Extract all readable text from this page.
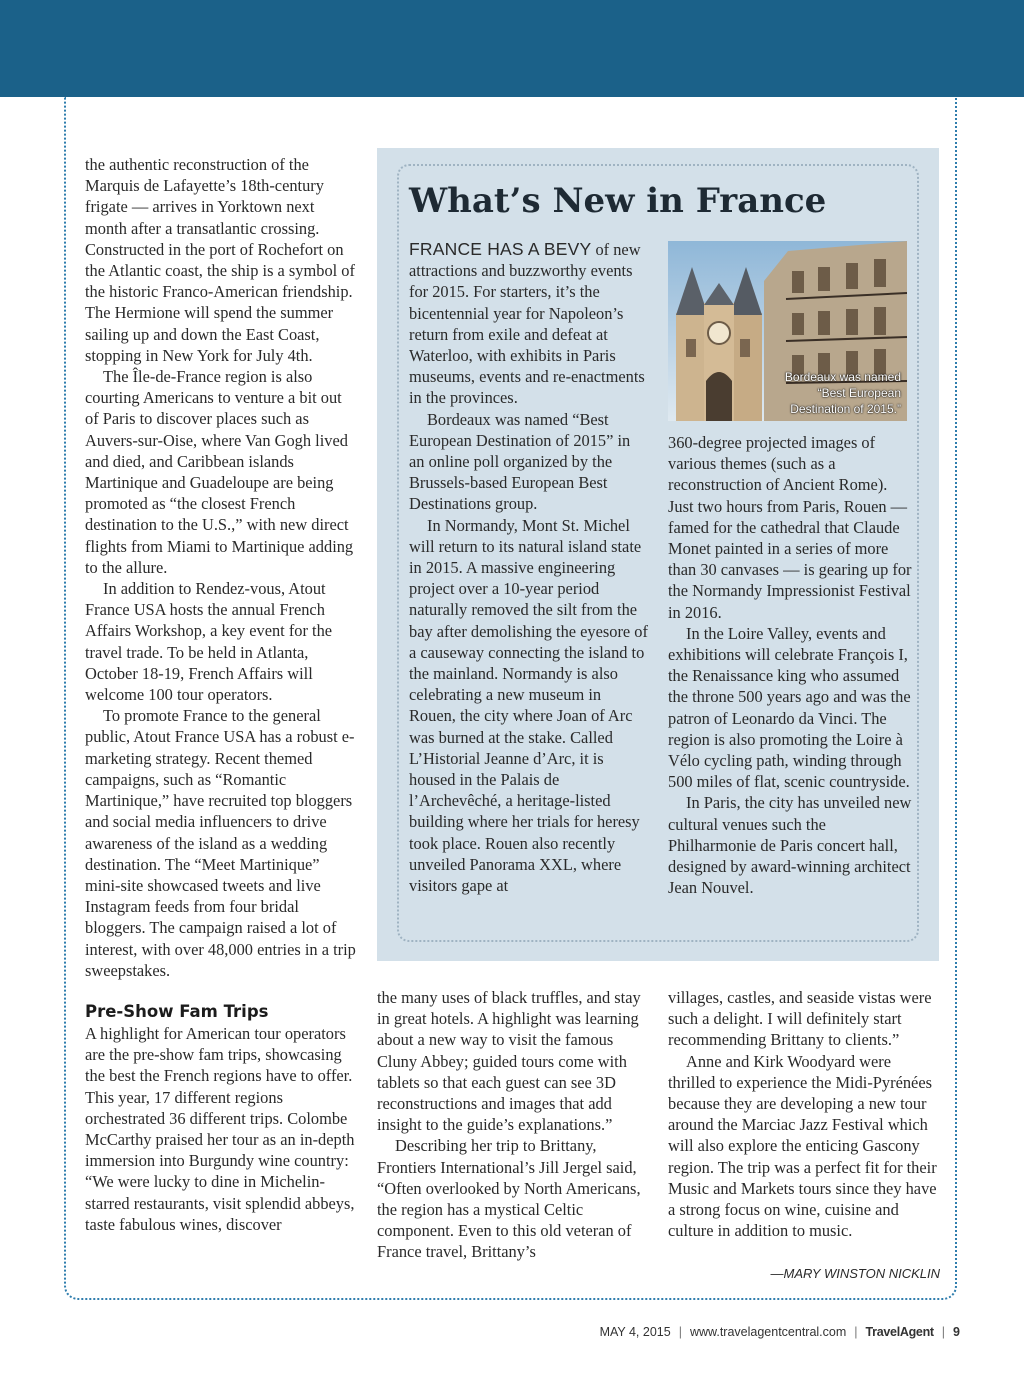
the authentic reconstruction of the Marquis de Lafayette’s 18th-century frigate — arrives in Yorktown next month after a transatlantic crossing. Constructed in the port of Rochefort on the Atlantic coast, the ship is a symbol of the historic Franco-American friendship. The Hermione will spend the summer sailing up and down the East Coast, stopping in New York for July 4th.

The Île-de-France region is also courting Americans to venture a bit out of Paris to discover places such as Auvers-sur-Oise, where Van Gogh lived and died, and Caribbean islands Martinique and Guadeloupe are being promoted as “the closest French destination to the U.S.,” with new direct flights from Miami to Martinique adding to the allure.

In addition to Rendez-vous, Atout France USA hosts the annual French Affairs Workshop, a key event for the travel trade. To be held in Atlanta, October 18-19, French Affairs will welcome 100 tour operators.

To promote France to the general public, Atout France USA has a robust e-marketing strategy. Recent themed campaigns, such as “Romantic Martinique,” have recruited top bloggers and social media influencers to drive awareness of the island as a wedding destination. The “Meet Martinique” mini-site showcased tweets and live Instagram feeds from four bridal bloggers. The campaign raised a lot of interest, with over 48,000 entries in a trip sweepstakes.

Pre-Show Fam Trips

A highlight for American tour operators are the pre-show fam trips, showcasing the best the French regions have to offer. This year, 17 different regions orchestrated 36 different trips. Colombe McCarthy praised her tour as an in-depth immersion into Burgundy wine country: “We were lucky to dine in Michelin-starred restaurants, visit splendid abbeys, taste fabulous wines, discover

the many uses of black truffles, and stay in great hotels. A highlight was learning about a new way to visit the famous Cluny Abbey; guided tours come with tablets so that each guest can see 3D reconstructions and images that add insight to the guide’s explanations.”

Describing her trip to Brittany, Frontiers International’s Jill Jergel said, “Often overlooked by North Americans, the region has a mystical Celtic component. Even to this old veteran of France travel, Brittany’s

villages, castles, and seaside vistas were such a delight. I will definitely start recommending Brittany to clients.”

Anne and Kirk Woodyard were thrilled to experience the Midi-Pyrénées because they are developing a new tour around the Marciac Jazz Festival which will also explore the enticing Gascony region. The trip was a perfect fit for their Music and Markets tours since they have a strong focus on wine, cuisine and culture in addition to music.

—MARY WINSTON NICKLIN
What’s New in France

FRANCE HAS A BEVY of new attractions and buzzworthy events for 2015. For starters, it’s the bicentennial year for Napoleon’s return from exile and defeat at Waterloo, with exhibits in Paris museums, events and re-enactments in the provinces.

Bordeaux was named “Best European Destination of 2015” in an online poll organized by the Brussels-based European Best Destinations group.

In Normandy, Mont St. Michel will return to its natural island state in 2015. A massive engineering project over a 10-year period naturally removed the silt from the bay after demolishing the eyesore of a causeway connecting the island to the mainland. Normandy is also celebrating a new museum in Rouen, the city where Joan of Arc was burned at the stake. Called L’Historial Jeanne d’Arc, it is housed in the Palais de l’Archevêché, a heritage-listed building where her trials for heresy took place. Rouen also recently unveiled Panorama XXL, where visitors gape at

Bordeaux was named
“Best European
Destination of 2015.”

360-degree projected images of various themes (such as a reconstruction of Ancient Rome). Just two hours from Paris, Rouen — famed for the cathedral that Claude Monet painted in a series of more than 30 canvases — is gearing up for the Normandy Impressionist Festival in 2016.

In the Loire Valley, events and exhibitions will celebrate François I, the Renaissance king who assumed the throne 500 years ago and was the patron of Leonardo da Vinci. The region is also promoting the Loire à Vélo cycling path, winding through 500 miles of flat, scenic countryside.

In Paris, the city has unveiled new cultural venues such the Philharmonie de Paris concert hall, designed by award-winning architect Jean Nouvel.

MAY 4, 2015 | www.travelagentcentral.com | TravelAgent | 9
